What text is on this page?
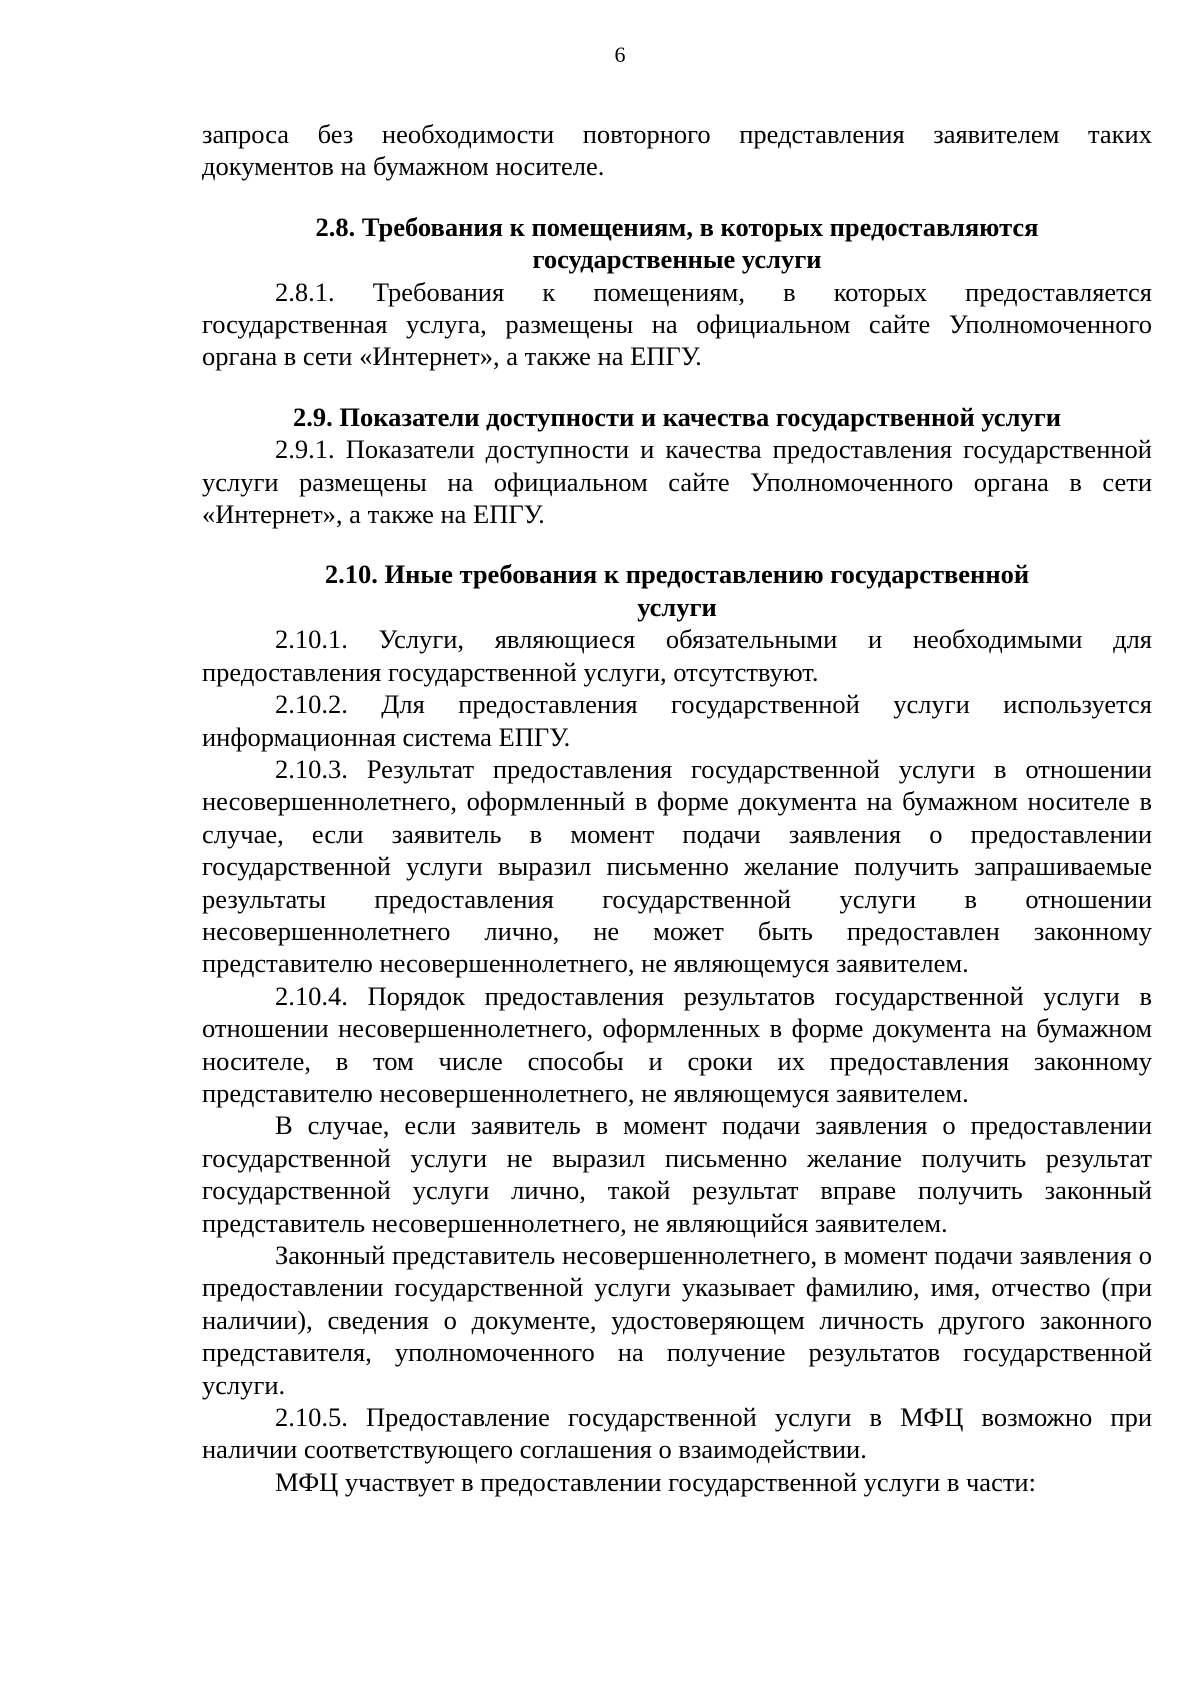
6

запроса без необходимости повторного представления заявителем таких документов на бумажном носителе.

2.8. Требования к помещениям, в которых предоставляются государственные услуги

2.8.1. Требования к помещениям, в которых предоставляется государственная услуга, размещены на официальном сайте Уполномоченного органа в сети «Интернет», а также на ЕПГУ.

2.9. Показатели доступности и качества государственной услуги

2.9.1. Показатели доступности и качества предоставления государственной услуги размещены на официальном сайте Уполномоченного органа в сети «Интернет», а также на ЕПГУ.

2.10. Иные требования к предоставлению государственной услуги

2.10.1. Услуги, являющиеся обязательными и необходимыми для предоставления государственной услуги, отсутствуют.

2.10.2. Для предоставления государственной услуги используется информационная система ЕПГУ.

2.10.3. Результат предоставления государственной услуги в отношении несовершеннолетнего, оформленный в форме документа на бумажном носителе в случае, если заявитель в момент подачи заявления о предоставлении государственной услуги выразил письменно желание получить запрашиваемые результаты предоставления государственной услуги в отношении несовершеннолетнего лично, не может быть предоставлен законному представителю несовершеннолетнего, не являющемуся заявителем.

2.10.4. Порядок предоставления результатов государственной услуги в отношении несовершеннолетнего, оформленных в форме документа на бумажном носителе, в том числе способы и сроки их предоставления законному представителю несовершеннолетнего, не являющемуся заявителем.

В случае, если заявитель в момент подачи заявления о предоставлении государственной услуги не выразил письменно желание получить результат государственной услуги лично, такой результат вправе получить законный представитель несовершеннолетнего, не являющийся заявителем.

Законный представитель несовершеннолетнего, в момент подачи заявления о предоставлении государственной услуги указывает фамилию, имя, отчество (при наличии), сведения о документе, удостоверяющем личность другого законного представителя, уполномоченного на получение результатов государственной услуги.

2.10.5. Предоставление государственной услуги в МФЦ возможно при наличии соответствующего соглашения о взаимодействии.

МФЦ участвует в предоставлении государственной услуги в части:
